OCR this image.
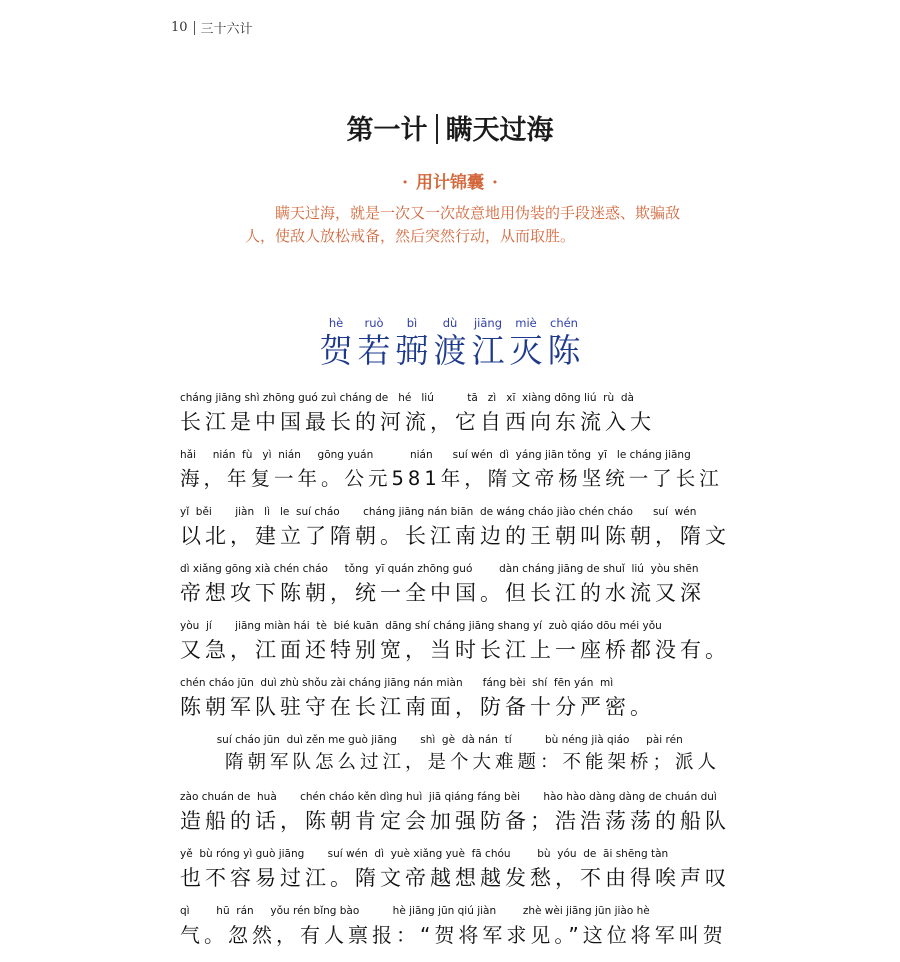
10 三十六计
第一计 瞒天过海
· 用计锦囊 ·
瞒天过海，就是一次又一次故意地用伪装的手段迷惑、欺骗敌人，使敌人放松戒备，然后突然行动，从而取胜。
hè
贺
ruò
若
bì
弼
dù
渡
jiāng
江
miè
灭
chén
陈
cháng jiāng shì zhōng guó zuì cháng de   hé   liú          tā   zì   xī  xiàng dōng liú  rù  dà
长江是中国最长的河流，它自西向东流入大
hǎi     nián  fù   yì  nián     gōng yuán           nián      suí wén  dì  yáng jiān tǒng  yī   le cháng jiāng
海，年复一年。公元581年，隋文帝杨坚统一了长江
yǐ  běi       jiàn   lì   le  suí cháo       cháng jiāng nán biān  de wáng cháo jiào chén cháo      suí  wén
以北，建立了隋朝。长江南边的王朝叫陈朝，隋文
dì xiǎng gōng xià chén cháo     tǒng  yī quán zhōng guó        dàn cháng jiāng de shuǐ  liú  yòu shēn
帝想攻下陈朝，统一全中国。但长江的水流又深
yòu  jí       jiāng miàn hái  tè  bié kuān  dāng shí cháng jiāng shang yí  zuò qiáo dōu méi yǒu
又急，江面还特别宽，当时长江上一座桥都没有。
chén cháo jūn  duì zhù shǒu zài cháng jiāng nán miàn      fáng bèi  shí  fēn yán  mì
陈朝军队驻守在长江南面，防备十分严密。
suí cháo jūn  duì zěn me guò jiāng       shì  gè  dà nán  tí          bù néng jià qiáo     pài rén
　　隋朝军队怎么过江，是个大难题：不能架桥；派人
zào chuán de  huà       chén cháo kěn dìng huì  jiā qiáng fáng bèi       hào hào dàng dàng de chuán duì
造船的话，陈朝肯定会加强防备；浩浩荡荡的船队
yě  bù róng yì guò jiāng       suí wén  dì  yuè xiǎng yuè  fā chóu        bù  yóu  de  āi shēng tàn
也不容易过江。隋文帝越想越发愁，不由得唉声叹
qì        hū  rán     yǒu rén bǐng bào          hè jiāng jūn qiú jiàn        zhè wèi jiāng jūn jiào hè
气。忽然，有人禀报：“贺将军求见。”这位将军叫贺
